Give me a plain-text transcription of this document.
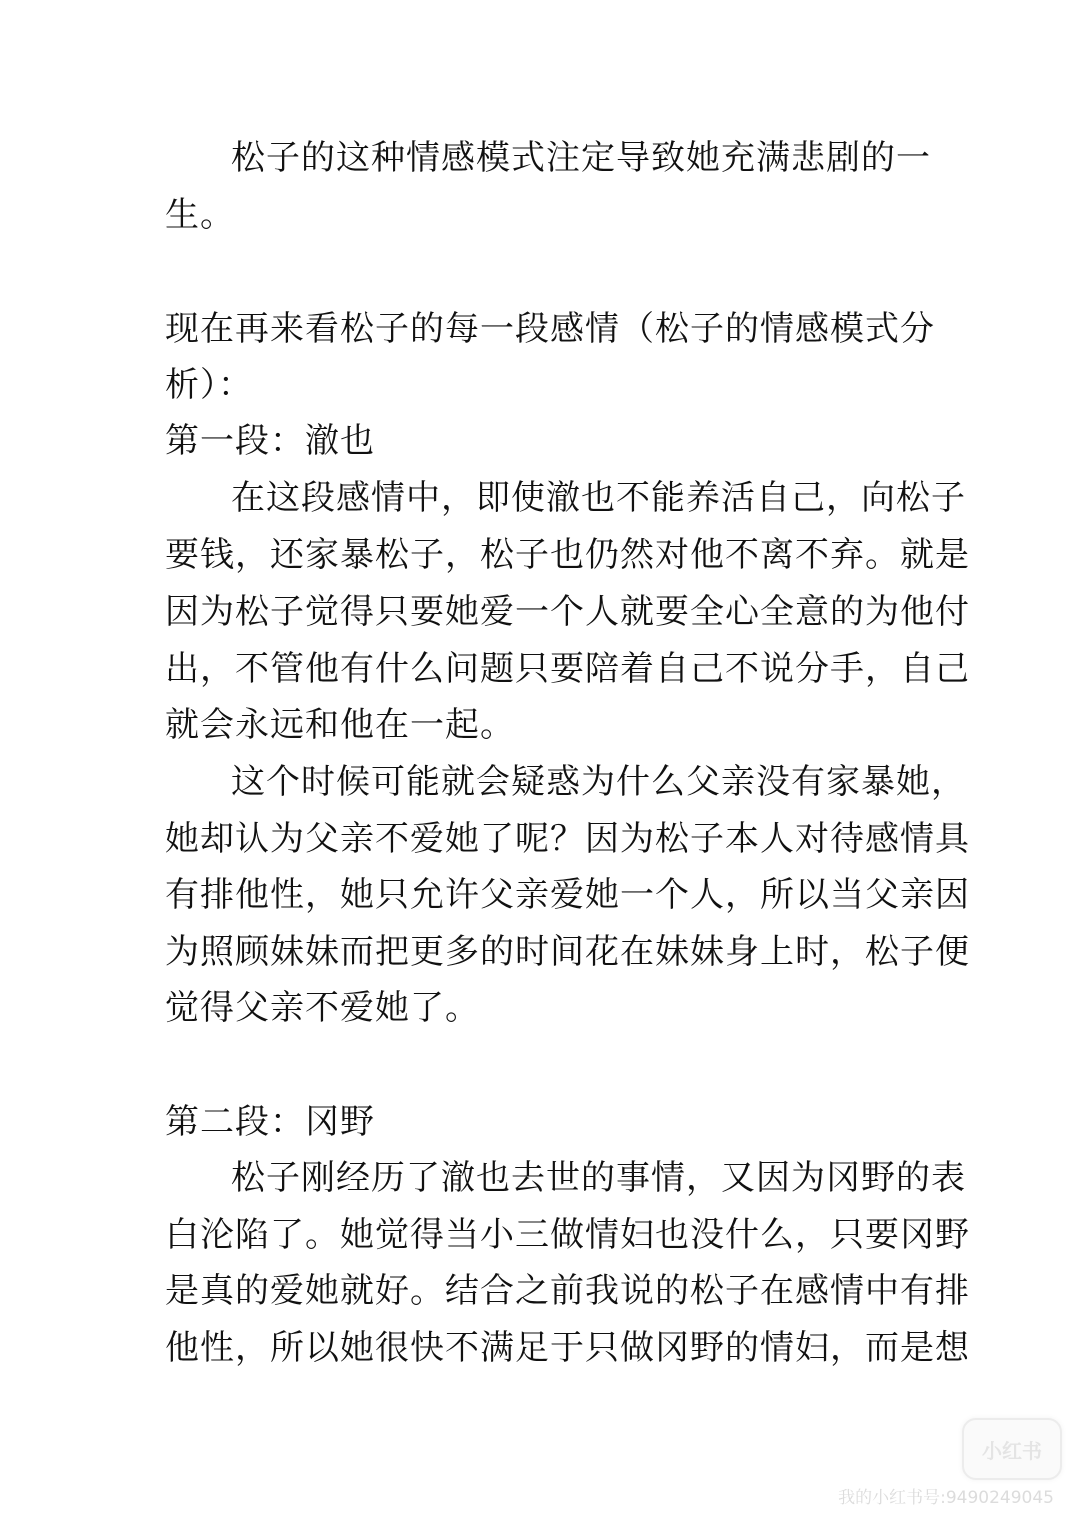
松子的这种情感模式注定导致她充满悲剧的一
生。
现在再来看松子的每一段感情（松子的情感模式分
析）：
第一段：澈也
在这段感情中，即使澈也不能养活自己，向松子
要钱，还家暴松子，松子也仍然对他不离不弃。就是
因为松子觉得只要她爱一个人就要全心全意的为他付
出，不管他有什么问题只要陪着自己不说分手，自己
就会永远和他在一起。
这个时候可能就会疑惑为什么父亲没有家暴她，
她却认为父亲不爱她了呢？因为松子本人对待感情具
有排他性，她只允许父亲爱她一个人，所以当父亲因
为照顾妹妹而把更多的时间花在妹妹身上时，松子便
觉得父亲不爱她了。
第二段：冈野
松子刚经历了澈也去世的事情，又因为冈野的表
白沦陷了。她觉得当小三做情妇也没什么，只要冈野
是真的爱她就好。结合之前我说的松子在感情中有排
他性，所以她很快不满足于只做冈野的情妇，而是想
小红书
我的小红书号:9490249045
